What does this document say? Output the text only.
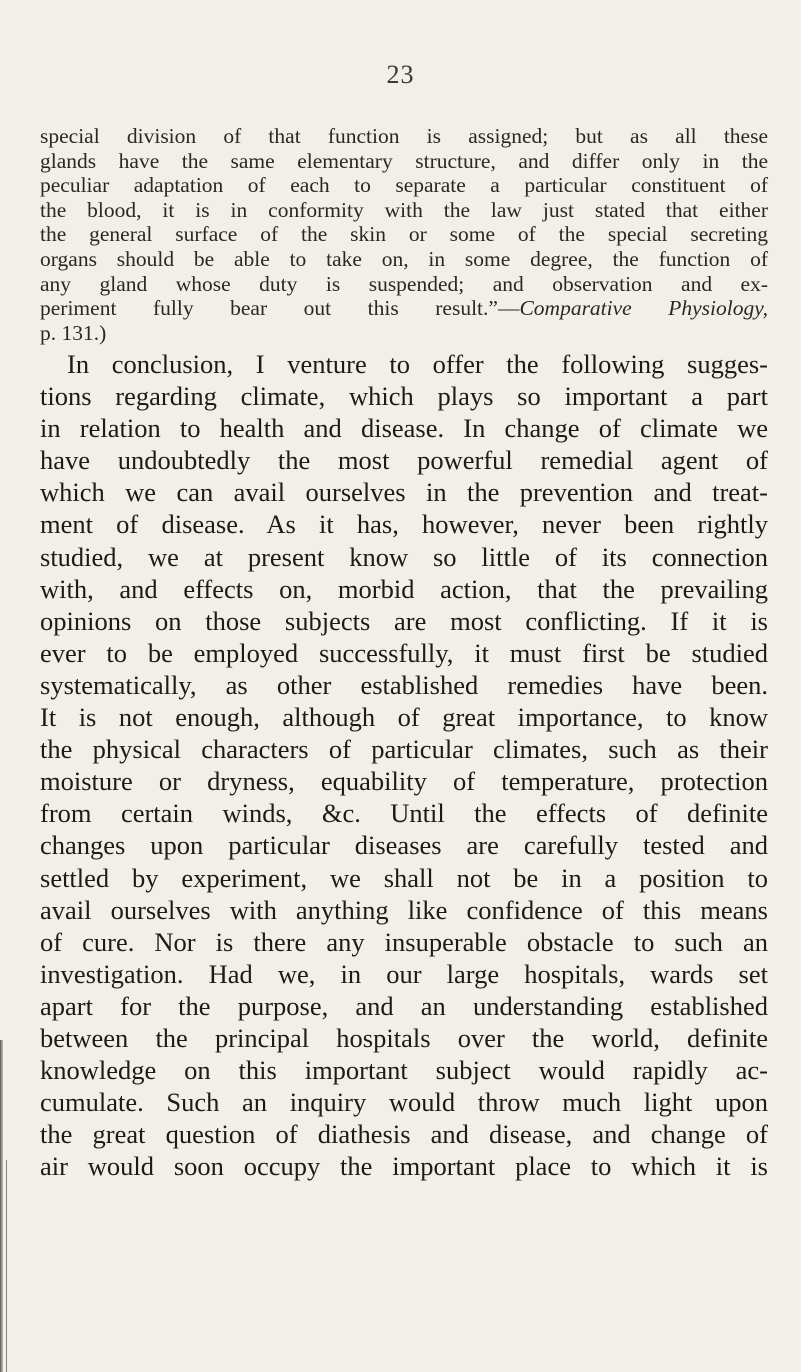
23
special division of that function is assigned; but as all these
glands have the same elementary structure, and differ only in the
peculiar adaptation of each to separate a particular constituent of
the blood, it is in conformity with the law just stated that either
the general surface of the skin or some of the special secreting
organs should be able to take on, in some degree, the function of
any gland whose duty is suspended; and observation and ex-
periment fully bear out this result.”—Comparative Physiology,
p. 131.)
In conclusion, I venture to offer the following sugges-
tions regarding climate, which plays so important a part
in relation to health and disease. In change of climate we
have undoubtedly the most powerful remedial agent of
which we can avail ourselves in the prevention and treat-
ment of disease. As it has, however, never been rightly
studied, we at present know so little of its connection
with, and effects on, morbid action, that the prevailing
opinions on those subjects are most conflicting. If it is
ever to be employed successfully, it must first be studied
systematically, as other established remedies have been.
It is not enough, although of great importance, to know
the physical characters of particular climates, such as their
moisture or dryness, equability of temperature, protection
from certain winds, &c. Until the effects of definite
changes upon particular diseases are carefully tested and
settled by experiment, we shall not be in a position to
avail ourselves with anything like confidence of this means
of cure. Nor is there any insuperable obstacle to such an
investigation. Had we, in our large hospitals, wards set
apart for the purpose, and an understanding established
between the principal hospitals over the world, definite
knowledge on this important subject would rapidly ac-
cumulate. Such an inquiry would throw much light upon
the great question of diathesis and disease, and change of
air would soon occupy the important place to which it is
